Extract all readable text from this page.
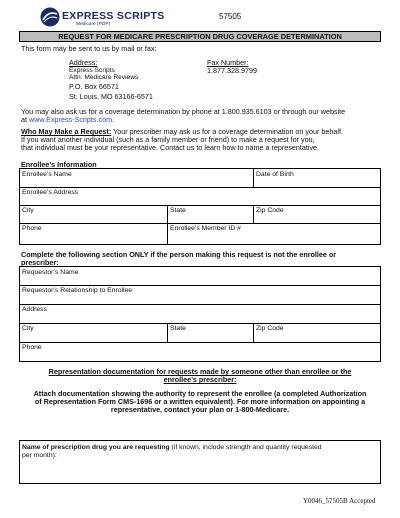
EXPRESS SCRIPTS
Medicare (PDP)
57505
REQUEST FOR MEDICARE PRESCRIPTION DRUG COVERAGE DETERMINATION
This form may be sent to us by mail or fax:
Address:
Express Scripts
Attn: Medicare Reviews
P.O. Box 66571
St. Louis, MO 63166-6571
Fax Number:
1.877.328.9799
You may also ask us for a coverage determination by phone at 1.800.935.6103 or through our website
at www.Express-Scripts.com.
Who May Make a Request: Your prescriber may ask us for a coverage determination on your behalf.
If you want another individual (such as a family member or friend) to make a request for you,
that individual must be your representative. Contact us to learn how to name a representative.
Enrollee’s Information
Enrollee’s Name	Date of Birth
Enrollee’s Address
City	State	Zip Code
Phone	Enrollee’s Member ID #
Complete the following section ONLY if the person making this request is not the enrollee or
prescriber:
Requestor’s Name
Requestor’s Relationship to Enrollee
Address
City	State	Zip Code
Phone
Representation documentation for requests made by someone other than enrollee or the
enrollee’s prescriber:
Attach documentation showing the authority to represent the enrollee (a completed Authorization
of Representation Form CMS-1696 or a written equivalent). For more information on appointing a
representative, contact your plan or 1-800-Medicare.
Name of prescription drug you are requesting (if known, include strength and quantity requested
per month):
Y0046_57505B Accepted
